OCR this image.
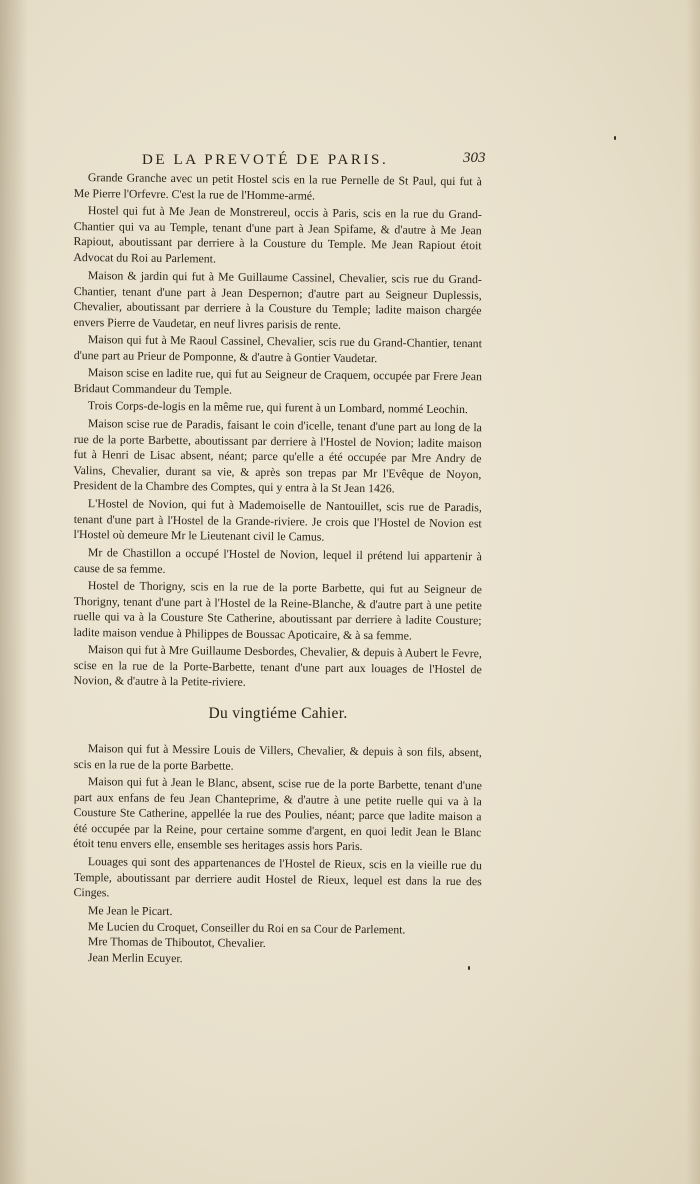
DE LA PREVOTÉ DE PARIS.	303

Grande Granche avec un petit Hostel scis en la rue Pernelle de St Paul, qui fut à Me Pierre l'Orfevre. C'est la rue de l'Homme-armé.

Hostel qui fut à Me Jean de Monstrereul, occis à Paris, scis en la rue du Grand-Chantier qui va au Temple, tenant d'une part à Jean Spifame, & d'autre à Me Jean Rapiout, aboutissant par derriere à la Cousture du Temple. Me Jean Rapiout étoit Advocat du Roi au Parlement.

Maison & jardin qui fut à Me Guillaume Cassinel, Chevalier, scis rue du Grand-Chantier, tenant d'une part à Jean Despernon; d'autre part au Seigneur Duplessis, Chevalier, aboutissant par derriere à la Cousture du Temple; ladite maison chargée envers Pierre de Vaudetar, en neuf livres parisis de rente.

Maison qui fut à Me Raoul Cassinel, Chevalier, scis rue du Grand-Chantier, tenant d'une part au Prieur de Pomponne, & d'autre à Gontier Vaudetar.

Maison scise en ladite rue, qui fut au Seigneur de Craquem, occupée par Frere Jean Bridaut Commandeur du Temple.

Trois Corps-de-logis en la même rue, qui furent à un Lombard, nommé Leochin.

Maison scise rue de Paradis, faisant le coin d'icelle, tenant d'une part au long de la rue de la porte Barbette, aboutissant par derriere à l'Hostel de Novion; ladite maison fut à Henri de Lisac absent, néant; parce qu'elle a été occupée par Mre Andry de Valins, Chevalier, durant sa vie, & après son trepas par Mr l'Evêque de Noyon, President de la Chambre des Comptes, qui y entra à la St Jean 1426.

L'Hostel de Novion, qui fut à Mademoiselle de Nantouillet, scis rue de Paradis, tenant d'une part à l'Hostel de la Grande-riviere. Je crois que l'Hostel de Novion est l'Hostel où demeure Mr le Lieutenant civil le Camus.

Mr de Chastillon a occupé l'Hostel de Novion, lequel il prétend lui appartenir à cause de sa femme.

Hostel de Thorigny, scis en la rue de la porte Barbette, qui fut au Seigneur de Thorigny, tenant d'une part à l'Hostel de la Reine-Blanche, & d'autre part à une petite ruelle qui va à la Cousture Ste Catherine, aboutissant par derriere à ladite Cousture; ladite maison vendue à Philippes de Boussac Apoticaire, & à sa femme.

Maison qui fut à Mre Guillaume Desbordes, Chevalier, & depuis à Aubert le Fevre, scise en la rue de la Porte-Barbette, tenant d'une part aux louages de l'Hostel de Novion, & d'autre à la Petite-riviere.

Du vingtiéme Cahier.

Maison qui fut à Messire Louis de Villers, Chevalier, & depuis à son fils, absent, scis en la rue de la porte Barbette.

Maison qui fut à Jean le Blanc, absent, scise rue de la porte Barbette, tenant d'une part aux enfans de feu Jean Chanteprime, & d'autre à une petite ruelle qui va à la Cousture Ste Catherine, appellée la rue des Poulies, néant; parce que ladite maison a été occupée par la Reine, pour certaine somme d'argent, en quoi ledit Jean le Blanc étoit tenu envers elle, ensemble ses heritages assis hors Paris.

Louages qui sont des appartenances de l'Hostel de Rieux, scis en la vieille rue du Temple, aboutissant par derriere audit Hostel de Rieux, lequel est dans la rue des Cinges.

Me Jean le Picart.
Me Lucien du Croquet, Conseiller du Roi en sa Cour de Parlement.
Mre Thomas de Thiboutot, Chevalier.
Jean Merlin Ecuyer.
